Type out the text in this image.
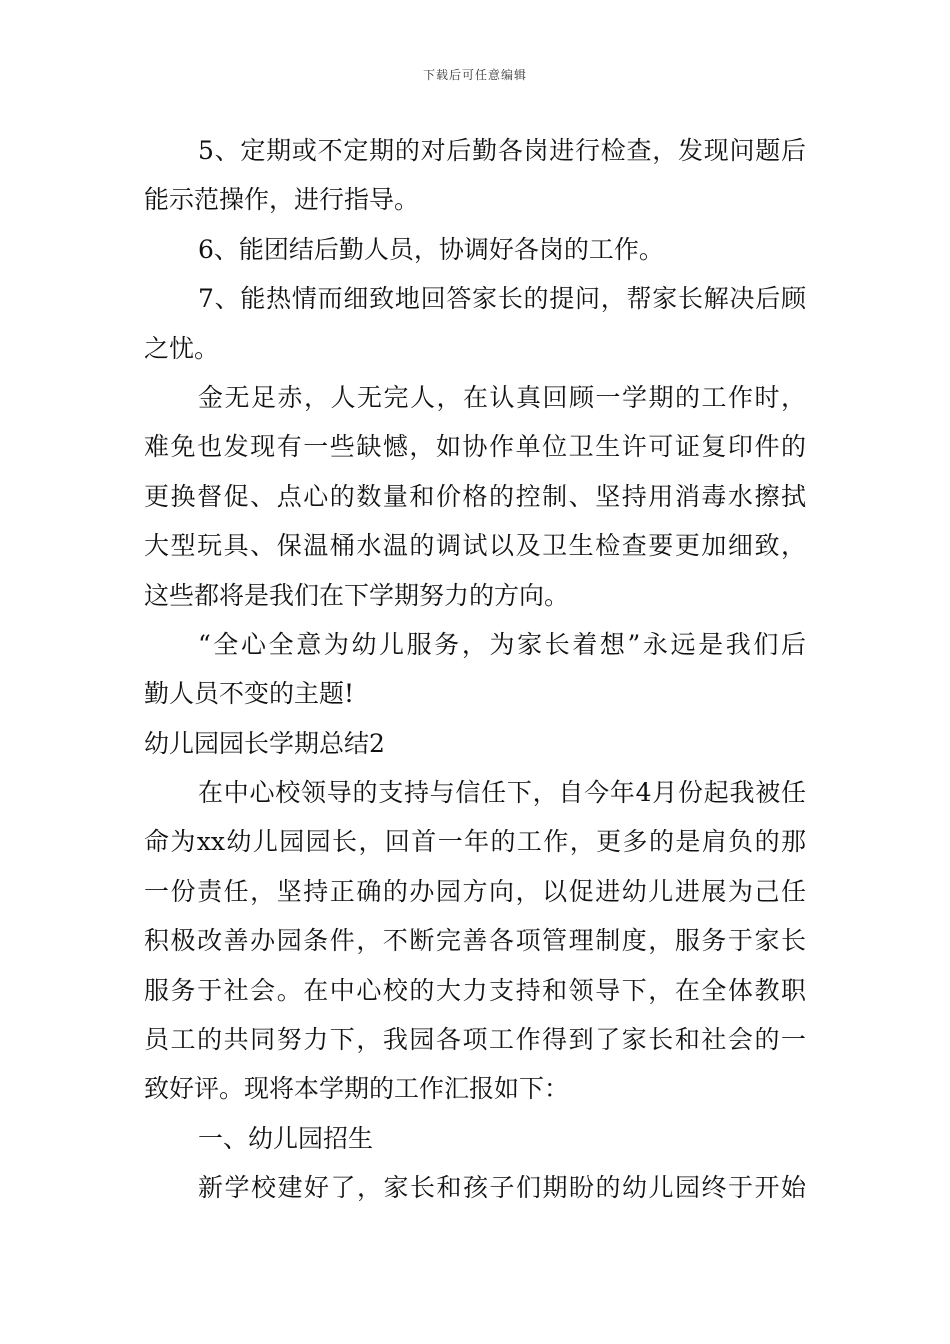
下载后可任意编辑
5、定期或不定期的对后勤各岗进行检查，发现问题后
能示范操作，进行指导。
6、能团结后勤人员，协调好各岗的工作。
7、能热情而细致地回答家长的提问，帮家长解决后顾
之忧。
金无足赤，人无完人，在认真回顾一学期的工作时，
难免也发现有一些缺憾，如协作单位卫生许可证复印件的
更换督促、点心的数量和价格的控制、坚持用消毒水擦拭
大型玩具、保温桶水温的调试以及卫生检查要更加细致，
这些都将是我们在下学期努力的方向。
“全心全意为幼儿服务，为家长着想”永远是我们后
勤人员不变的主题!
幼儿园园长学期总结2
在中心校领导的支持与信任下，自今年4月份起我被任
命为xx幼儿园园长，回首一年的工作，更多的是肩负的那
一份责任，坚持正确的办园方向，以促进幼儿进展为己任
积极改善办园条件，不断完善各项管理制度，服务于家长
服务于社会。在中心校的大力支持和领导下，在全体教职
员工的共同努力下，我园各项工作得到了家长和社会的一
致好评。现将本学期的工作汇报如下：
一、幼儿园招生
新学校建好了，家长和孩子们期盼的幼儿园终于开始
